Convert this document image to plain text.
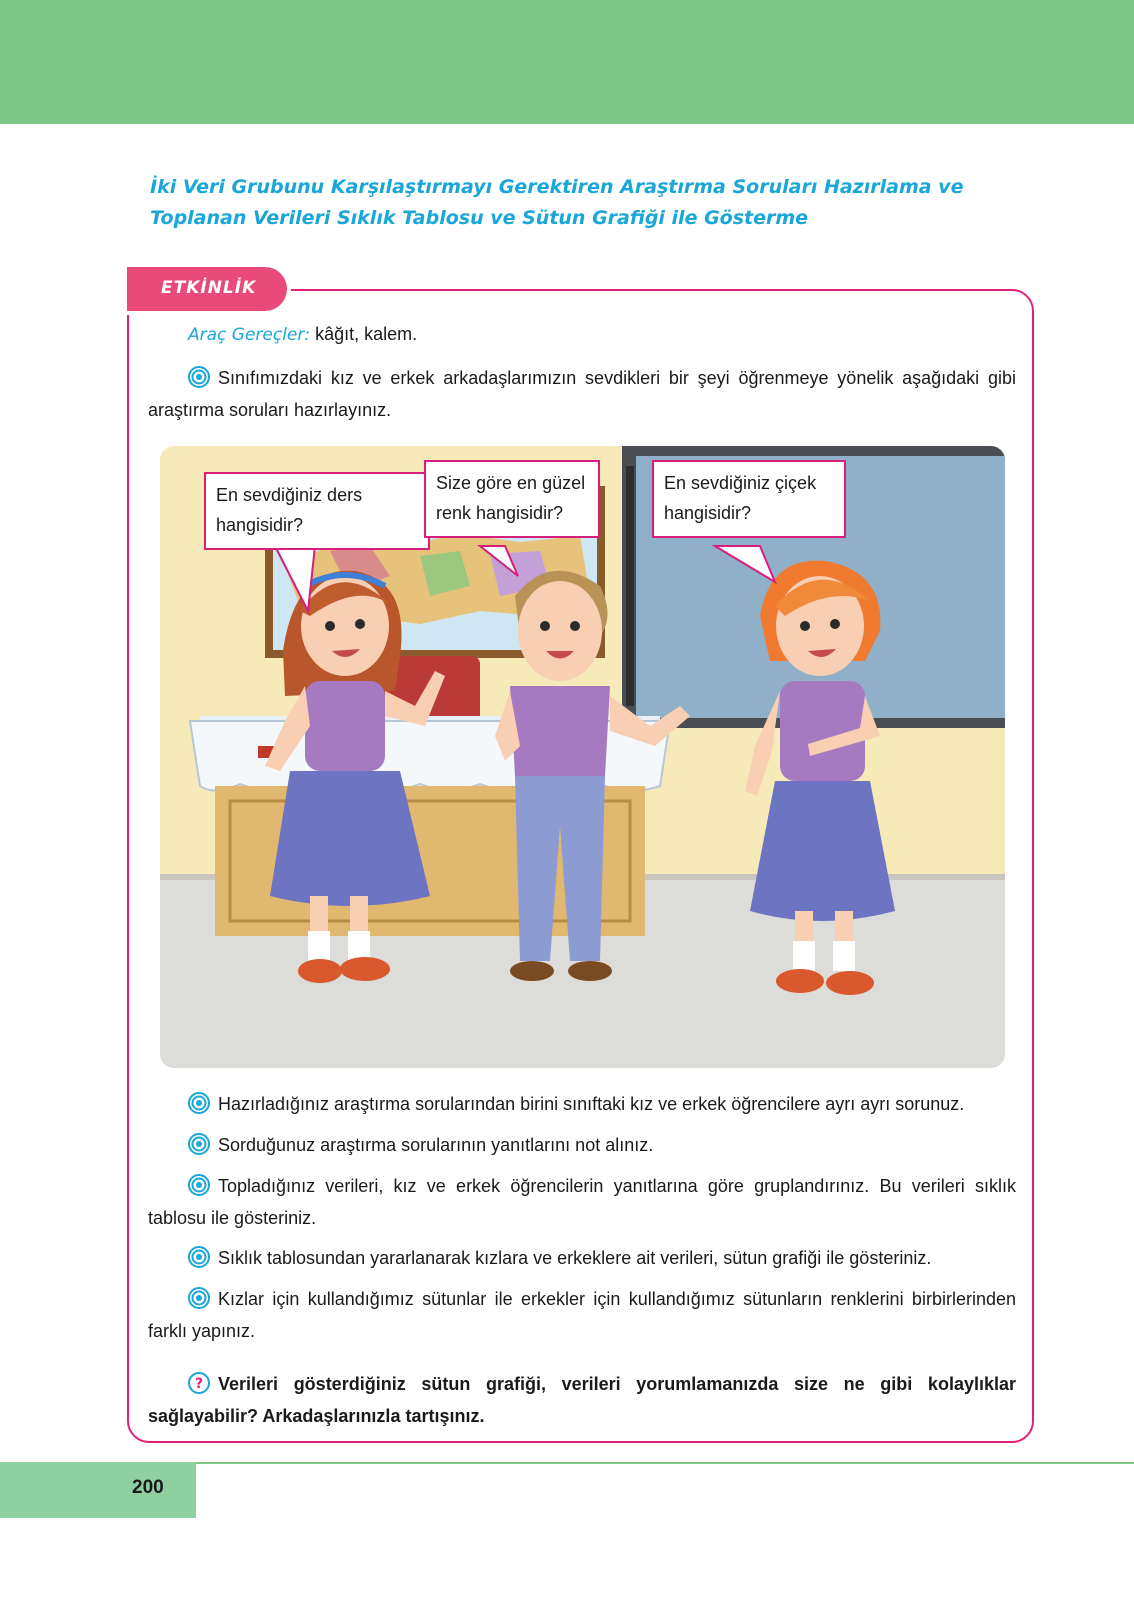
İki Veri Grubunu Karşılaştırmayı Gerektiren Araştırma Soruları Hazırlama ve Toplanan Verileri Sıklık Tablosu ve Sütun Grafiği ile Gösterme
ETKİNLİK

Araç Gereçler: kâğıt, kalem.

Sınıfımızdaki kız ve erkek arkadaşlarımızın sevdikleri bir şeyi öğrenmeye yönelik aşağıdaki gibi araştırma soruları hazırlayınız.

En sevdiğiniz ders
hangisidir?
Size göre en güzel
renk hangisidir?
En sevdiğiniz çiçek
hangisidir?

Hazırladığınız araştırma sorularından birini sınıftaki kız ve erkek öğrencilere ayrı ayrı sorunuz.

Sorduğunuz araştırma sorularının yanıtlarını not alınız.

Topladığınız verileri, kız ve erkek öğrencilerin yanıtlarına göre gruplandırınız. Bu verileri sıklık tablosu ile gösteriniz.

Sıklık tablosundan yararlanarak kızlara ve erkeklere ait verileri, sütun grafiği ile gösteriniz.

Kızlar için kullandığımız sütunlar ile erkekler için kullandığımız sütunların renklerini birbirlerinden farklı yapınız.

? Verileri gösterdiğiniz sütun grafiği, verileri yorumlamanızda size ne gibi kolaylıklar sağlayabilir? Arkadaşlarınızla tartışınız.

200
